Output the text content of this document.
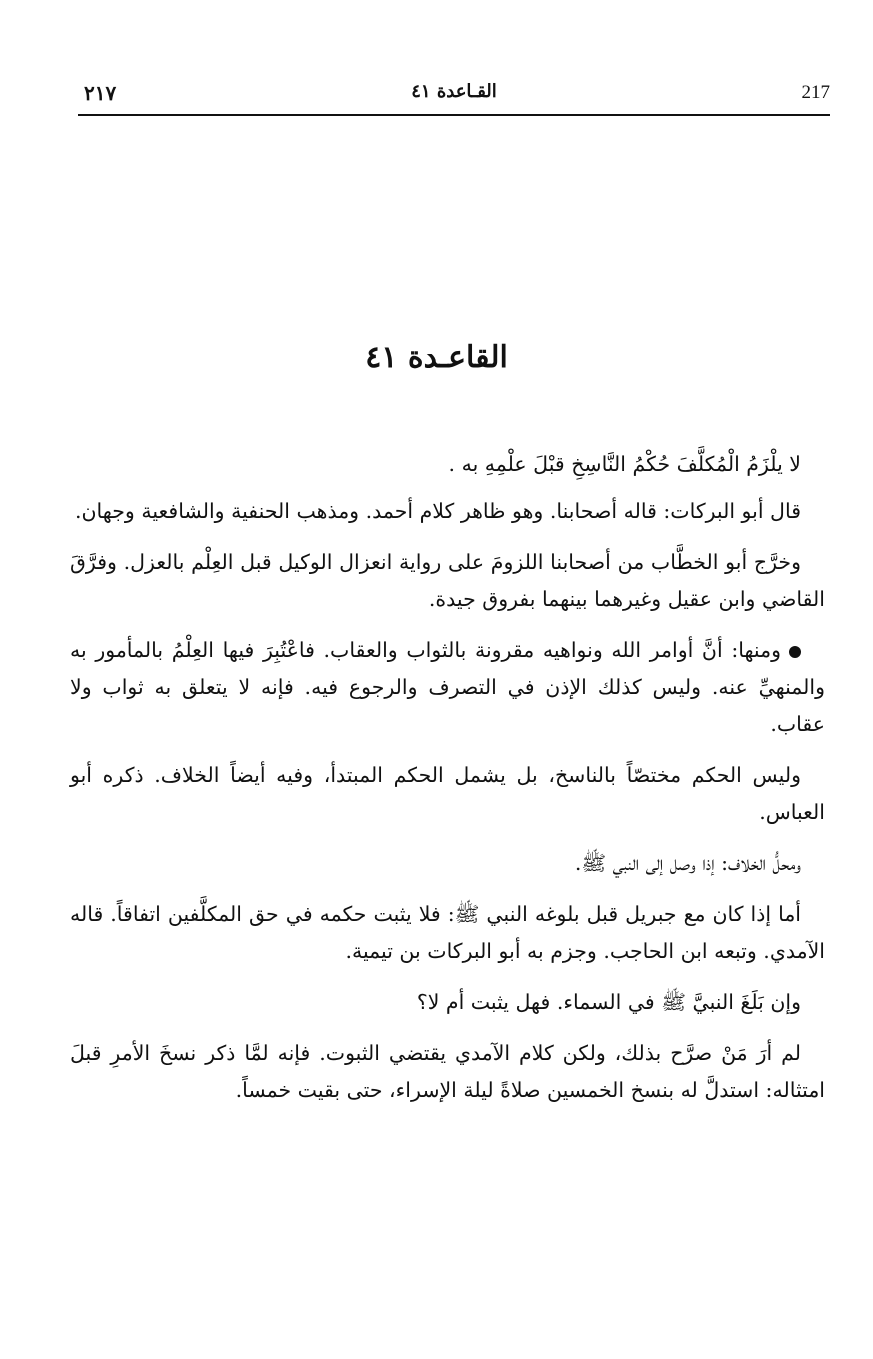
217
القـاعدة ٤١
٢١٧
القاعـدة ٤١

لا يلْزَمُ الْمُكلَّفَ حُكْمُ النَّاسِخِ قبْلَ علْمِهِ به .

قال أبو البركات: قاله أصحابنا. وهو ظاهر كلام أحمد. ومذهب الحنفية والشافعية وجهان.

وخرَّج أبو الخطَّاب من أصحابنا اللزومَ على رواية انعزال الوكيل قبل العِلْم بالعزل. وفرَّقَ القاضي وابن عقيل وغيرهما بينهما بفروق جيدة.

ومنها: أنَّ أوامر الله ونواهيه مقرونة بالثواب والعقاب. فاعْتُبِرَ فيها العِلْمُ بالمأمور به والمنهيِّ عنه. وليس كذلك الإذن في التصرف والرجوع فيه. فإنه لا يتعلق به ثواب ولا عقاب.

وليس الحكم مختصّاً بالناسخ، بل يشمل الحكم المبتدأ، وفيه أيضاً الخلاف. ذكره أبو العباس.

ومحلُّ الخلاف: إذا وصل إلى النبي ﷺ.

أما إذا كان مع جبريل قبل بلوغه النبي ﷺ: فلا يثبت حكمه في حق المكلَّفين اتفاقاً. قاله الآمدي. وتبعه ابن الحاجب. وجزم به أبو البركات بن تيمية.

وإن بَلَغَ النبيَّ ﷺ في السماء. فهل يثبت أم لا؟

لم أرَ مَنْ صرَّح بذلك، ولكن كلام الآمدي يقتضي الثبوت. فإنه لمَّا ذكر نسخَ الأمرِ قبلَ امتثاله: استدلَّ له بنسخ الخمسين صلاةً ليلة الإسراء، حتى بقيت خمساً.
